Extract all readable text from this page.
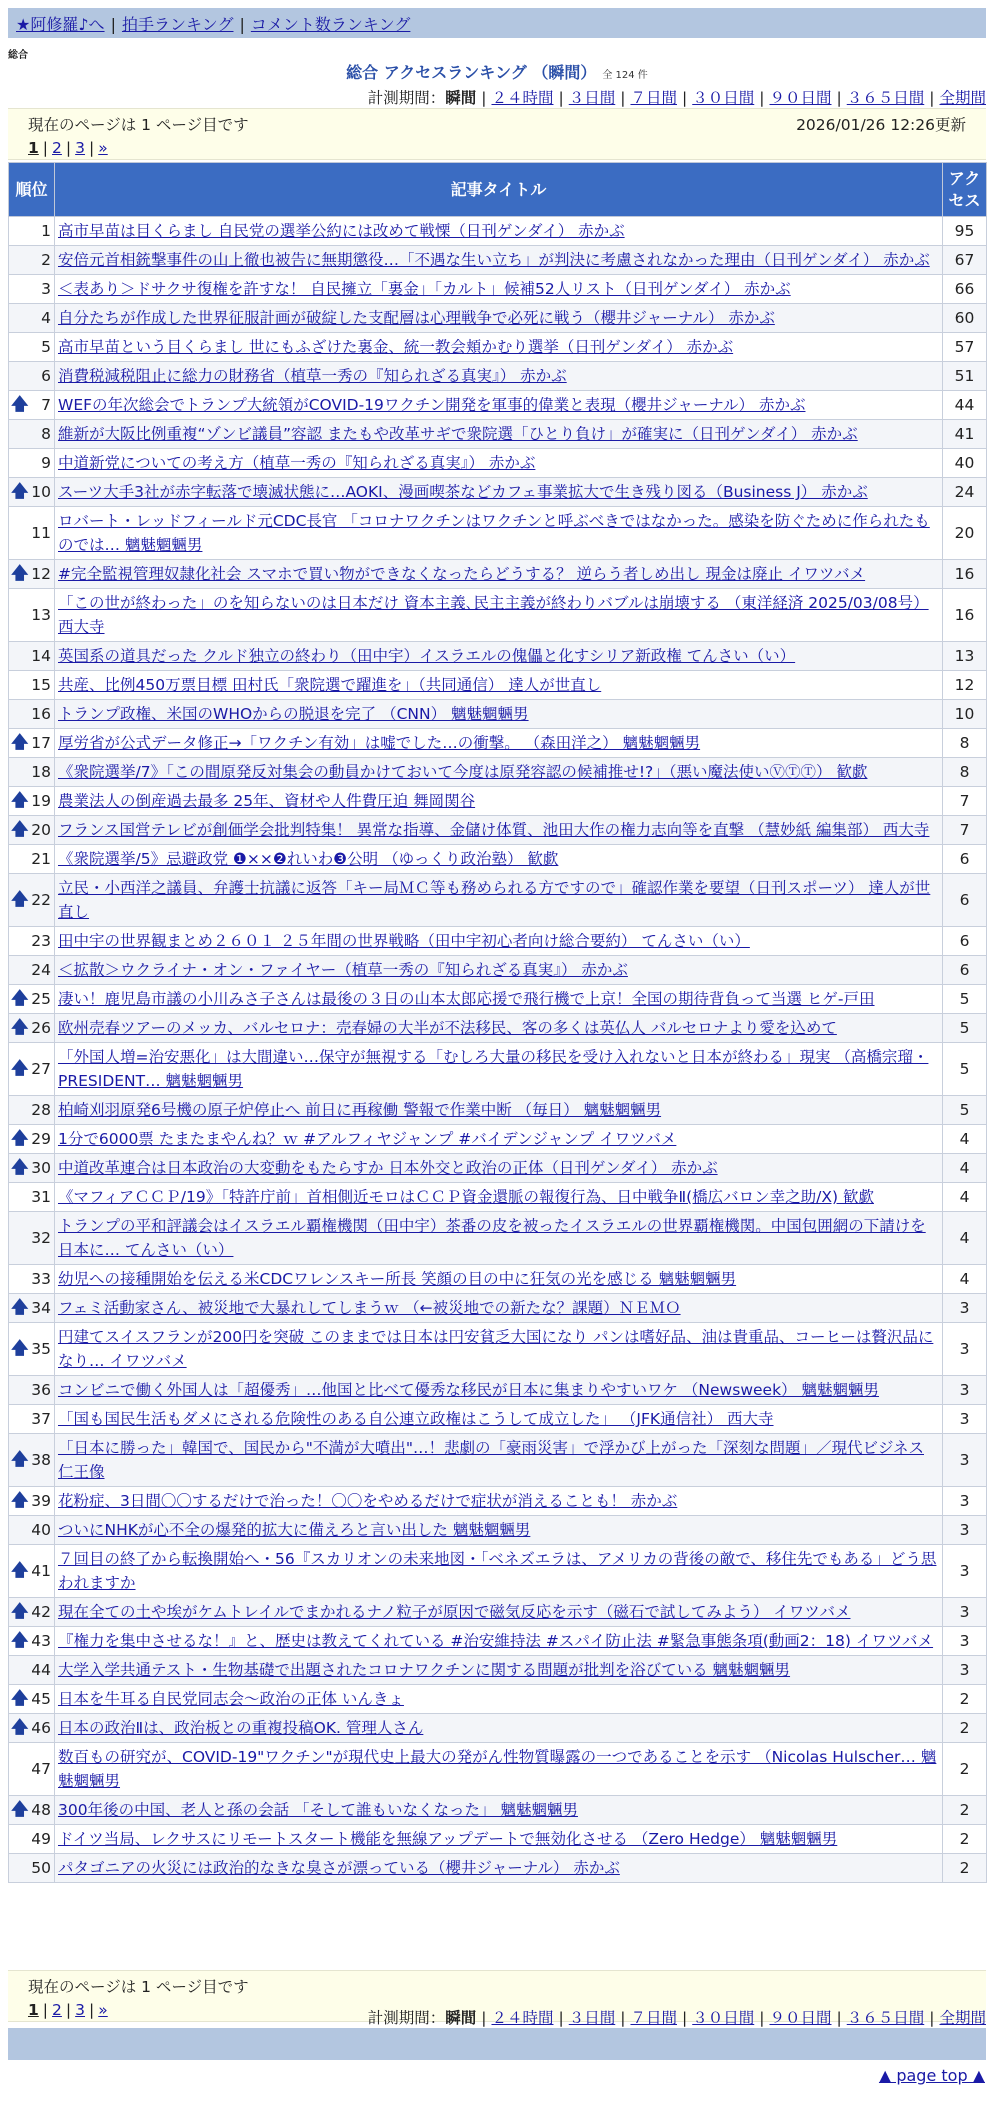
★阿修羅♪へ | 拍手ランキング | コメント数ランキング
総合
総合 アクセスランキング （瞬間） 全 124 件
計測期間：瞬間 | ２４時間 | ３日間 | ７日間 | ３０日間 | ９０日間 | ３６５日間 | 全期間
現在のページは 1 ページ目です	2026/01/26 12:26更新
1 | 2 | 3 | »
順位	記事タイトル	アクセス
1	高市早苗は目くらまし 自民党の選挙公約には改めて戦慄（日刊ゲンダイ） 赤かぶ	95
2	安倍元首相銃撃事件の山上徹也被告に無期懲役…「不遇な生い立ち」が判決に考慮されなかった理由（日刊ゲンダイ） 赤かぶ	67
3	＜表あり＞ドサクサ復権を許すな！ 自民擁立「裏金」「カルト」候補52人リスト（日刊ゲンダイ） 赤かぶ	66
4	自分たちが作成した世界征服計画が破綻した支配層は心理戦争で必死に戦う（櫻井ジャーナル） 赤かぶ	60
5	高市早苗という目くらまし 世にもふざけた裏金、統一教会頬かむり選挙（日刊ゲンダイ） 赤かぶ	57
6	消費税減税阻止に総力の財務省（植草一秀の『知られざる真実』） 赤かぶ	51

🡅 7	WEFの年次総会でトランプ大統領がCOVID-19ワクチン開発を軍事的偉業と表現（櫻井ジャーナル） 赤かぶ	44
8	維新が大阪比例重複“ゾンビ議員”容認 またもや改革サギで衆院選「ひとり負け」が確実に（日刊ゲンダイ） 赤かぶ	41
9	中道新党についての考え方（植草一秀の『知られざる真実』） 赤かぶ	40

🡅 10	スーツ大手3社が赤字転落で壊滅状態に…AOKI、漫画喫茶などカフェ事業拡大で生き残り図る（Business J） 赤かぶ	24
11	ロバート・レッドフィールド元CDC長官 「コロナワクチンはワクチンと呼ぶべきではなかった。感染を防ぐために作られたものでは… 魑魅魍魎男	20

🡅 12	#完全監視管理奴隷化社会 スマホで買い物ができなくなったらどうする？ 逆らう者しめ出し 現金は廃止 イワツバメ	16
13	「この世が終わった」のを知らないのは日本だけ 資本主義､民主主義が終わりバブルは崩壊する （東洋経済 2025/03/08号） 西大寺	16
14	英国系の道具だった クルド独立の終わり（田中宇）イスラエルの傀儡と化すシリア新政権 てんさい（い）	13
15	共産、比例450万票目標 田村氏「衆院選で躍進を」（共同通信） 達人が世直し	12
16	トランプ政権、米国のWHOからの脱退を完了 （CNN） 魑魅魍魎男	10

🡅 17	厚労省が公式データ修正→「ワクチン有効」は嘘でした…の衝撃。 （森田洋之） 魑魅魍魎男	8
18	《衆院選挙/7》「この間原発反対集会の動員かけておいて今度は原発容認の候補推せ!?」（悪い魔法使いⓋⓉⓉ） 歓歔	8

🡅 19	農業法人の倒産過去最多 25年、資材や人件費圧迫 舞岡関谷	7

🡅 20	フランス国営テレビが創価学会批判特集！ 異常な指導、金儲け体質、池田大作の権力志向等を直撃 （慧妙紙 編集部） 西大寺	7
21	《衆院選挙/5》忌避政党 ❶××❷れいわ❸公明 （ゆっくり政治塾） 歓歔	6

🡅 22	立民・小西洋之議員、弁護士抗議に返答「キー局ＭＣ等も務められる方ですので」確認作業を要望（日刊スポーツ） 達人が世直し	6
23	田中宇の世界観まとめ２６０１ ２５年間の世界戦略（田中宇初心者向け総合要約） てんさい（い）	6
24	＜拡散＞ウクライナ・オン・ファイヤー（植草一秀の『知られざる真実』） 赤かぶ	6

🡅 25	凄い！鹿児島市議の小川みさ子さんは最後の３日の山本太郎応援で飛行機で上京！全国の期待背負って当選 ヒゲ-戸田	5

🡅 26	欧州売春ツアーのメッカ、バルセロナ：売春婦の大半が不法移民、客の多くは英仏人 バルセロナより愛を込めて	5

🡅 27	「外国人増=治安悪化」は大間違い…保守が無視する「むしろ大量の移民を受け入れないと日本が終わる」現実 （高橋宗瑠・PRESIDENT… 魑魅魍魎男	5
28	柏崎刈羽原発6号機の原子炉停止へ 前日に再稼働 警報で作業中断 （毎日） 魑魅魍魎男	5

🡅 29	1分で6000票 たまたまやんね？ｗ #アルフィヤジャンプ #バイデンジャンプ イワツバメ	4

🡅 30	中道改革連合は日本政治の大変動をもたらすか 日本外交と政治の正体（日刊ゲンダイ） 赤かぶ	4
31	《マフィアＣＣＰ/19》「特許庁前」首相側近モロはＣＣＰ資金還脈の報復行為、日中戦争Ⅱ(橋広バロン幸之助/Ⅹ) 歓歔	4
32	トランプの平和評議会はイスラエル覇権機関（田中宇）茶番の皮を被ったイスラエルの世界覇権機関。中国包囲網の下請けを日本に… てんさい（い）	4
33	幼児への接種開始を伝える米CDCワレンスキー所長 笑顔の目の中に狂気の光を感じる 魑魅魍魎男	4

🡅 34	フェミ活動家さん、被災地で大暴れしてしまうｗ （←被災地での新たな？課題）ＮＥＭＯ	3

🡅 35	円建てスイスフランが200円を突破 このままでは日本は円安貧乏大国になり パンは嗜好品、油は貴重品、コーヒーは贅沢品になり… イワツバメ	3
36	コンビニで働く外国人は「超優秀」…他国と比べて優秀な移民が日本に集まりやすいワケ （Newsweek） 魑魅魍魎男	3
37	「国も国民生活もダメにされる危険性のある自公連立政権はこうして成立した」 （JFK通信社） 西大寺	3

🡅 38	「日本に勝った」韓国で、国民から"不満が大噴出"…！悲劇の「豪雨災害」で浮かび上がった「深刻な問題」／現代ビジネス 仁王像	3

🡅 39	花粉症、3日間〇〇するだけで治った！〇〇をやめるだけで症状が消えることも！ 赤かぶ	3
40	ついにNHKが心不全の爆発的拡大に備えろと言い出した 魑魅魍魎男	3

🡅 41	７回目の終了から転換開始へ・56『スカリオンの未来地図・「ベネズエラは、アメリカの背後の敵で、移住先でもある」どう思われますか	3

🡅 42	現在全ての土や埃がケムトレイルでまかれるナノ粒子が原因で磁気反応を示す（磁石で試してみよう） イワツバメ	3

🡅 43	『権力を集中させるな！』と、歴史は教えてくれている #治安維持法 #スパイ防止法 #緊急事態条項(動画2：18) イワツバメ	3
44	大学入学共通テスト・生物基礎で出題されたコロナワクチンに関する問題が批判を浴びている 魑魅魍魎男	3

🡅 45	日本を牛耳る自民党同志会〜政治の正体 いんきょ	2

🡅 46	日本の政治Ⅱは、政治板との重複投稿OK. 管理人さん	2
47	数百もの研究が、COVID-19"ワクチン"が現代史上最大の発がん性物質曝露の一つであることを示す （Nicolas Hulscher… 魑魅魍魎男	2

🡅 48	300年後の中国、老人と孫の会話 「そして誰もいなくなった」 魑魅魍魎男	2
49	ドイツ当局、レクサスにリモートスタート機能を無線アップデートで無効化させる （Zero Hedge） 魑魅魍魎男	2
50	パタゴニアの火災には政治的なきな臭さが漂っている（櫻井ジャーナル） 赤かぶ	2
現在のページは 1 ページ目です
1 | 2 | 3 | »	計測期間：瞬間 | ２４時間 | ３日間 | ７日間 | ３０日間 | ９０日間 | ３６５日間 | 全期間
▲ page top ▲
